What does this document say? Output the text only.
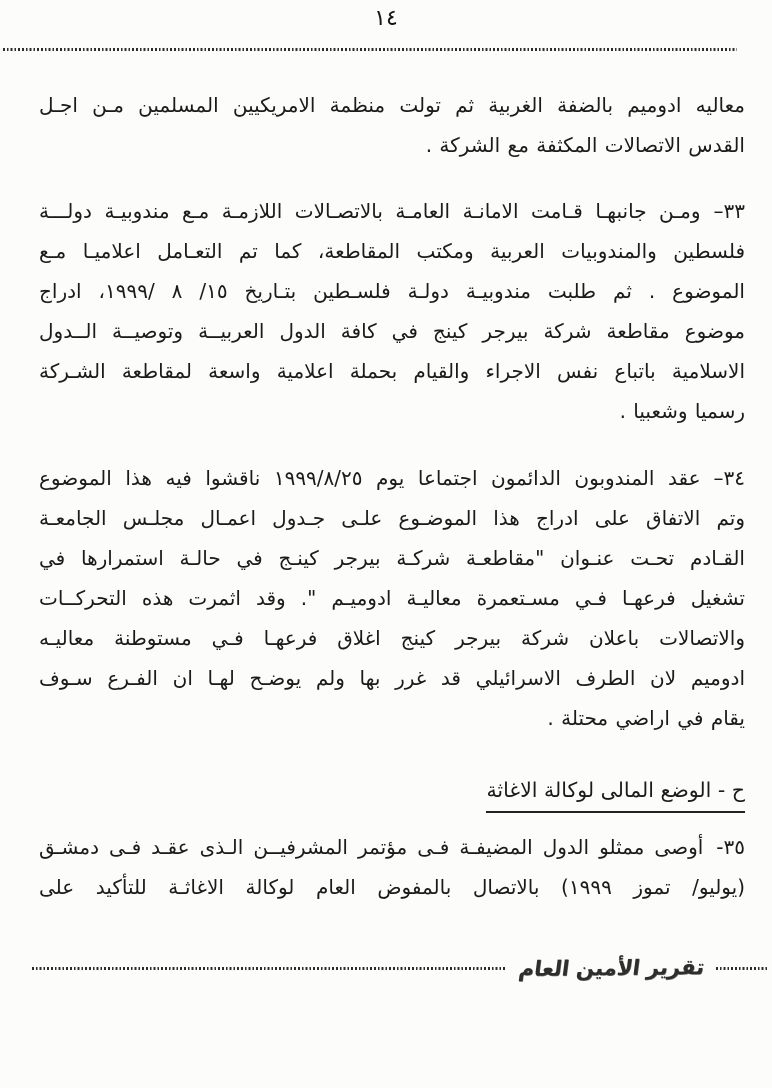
١٤
معاليه ادوميم بالضفة الغربية ثم تولت منظمة الامريكيين المسلمين مـن اجـل
القدس الاتصالات المكثفة مع الشركة .
٣٣–ومـن جانبهـا قـامت الامانـة العامـة بالاتصـالات اللازمـة مـع مندوبيـة دولـــة
فلسطين والمندوبيات العربية ومكتب المقاطعة، كما تم التعـامل اعلاميـا مـع
الموضوع . ثم طلبت مندوبيـة دولـة فلسـطين بتـاريخ ١٥/ ٨ /١٩٩٩، ادراج
موضوع مقاطعة شركة بيرجر كينج في كافة الدول العربيــة وتوصيــة الــدول
الاسلامية باتباع نفس الاجراء والقيام بحملة اعلامية واسعة لمقاطعة الشـركة
رسميا وشعبيا .
٣٤–عقد المندوبون الدائمون اجتماعا يوم ١٩٩٩/٨/٢٥ ناقشوا فيه هذا الموضوع
وتم الاتفاق على ادراج هذا الموضـوع علـى جـدول اعمـال مجلـس الجامعـة
القـادم تحـت عنـوان "مقاطعـة شركـة بيرجر كينـج في حالـة استمرارها في
تشغيل فرعهـا فـي مسـتعمرة معاليـة ادوميـم ". وقد اثمرت هذه التحركــات
والاتصالات باعلان شركة بيرجر كينج اغلاق فرعهـا فـي مستوطنة معاليـه
ادوميم لان الطرف الاسرائيلي قد غرر بها ولم يوضـح لهـا ان الفـرع سـوف
يقام في اراضي محتلة .
ح - الوضع المالى لوكالة الاغاثة
٣٥-أوصى ممثلو الدول المضيفـة فـى مؤتمر المشرفيــن الـذى عقـد فـى دمشـق
(يوليو/ تموز ١٩٩٩) بالاتصال بالمفوض العام لوكالة الاغاثـة للتأكيد على
تقرير الأمين العام
